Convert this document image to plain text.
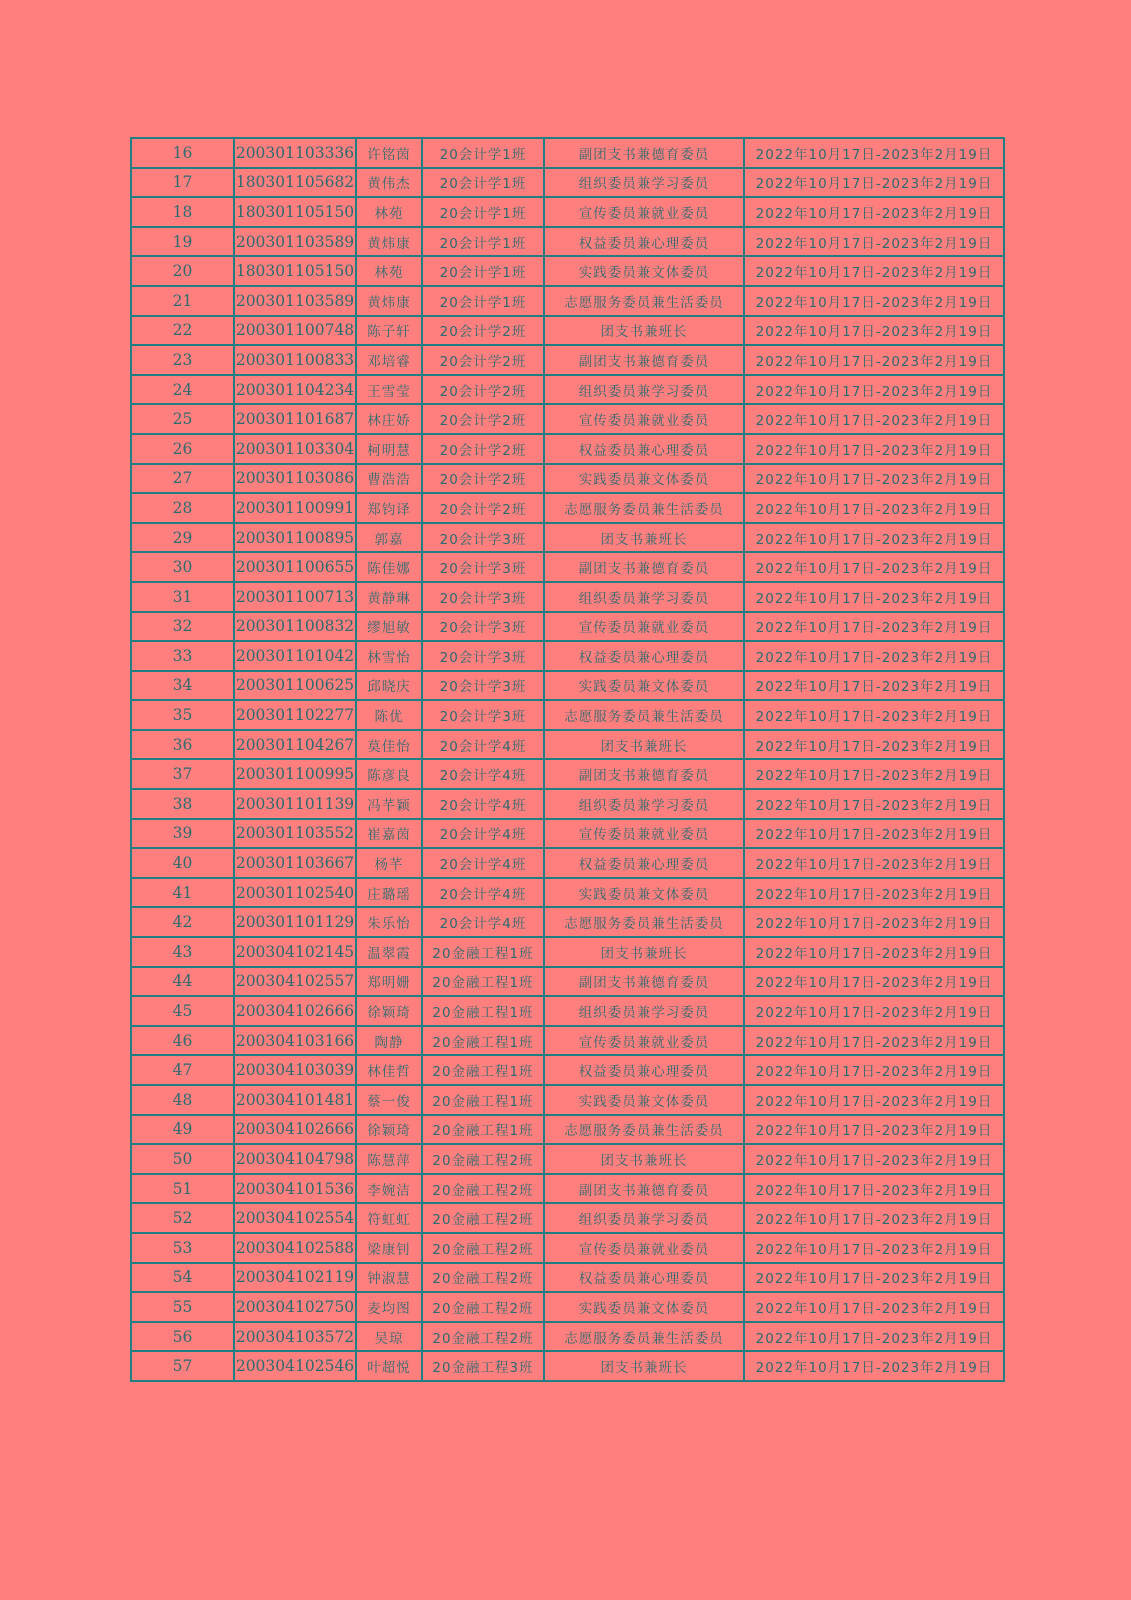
16	200301103336	许铭茵	20会计学1班	副团支书兼德育委员	2022年10月17日-2023年2月19日
17	180301105682	黄伟杰	20会计学1班	组织委员兼学习委员	2022年10月17日-2023年2月19日
18	180301105150	林苑	20会计学1班	宣传委员兼就业委员	2022年10月17日-2023年2月19日
19	200301103589	黄炜康	20会计学1班	权益委员兼心理委员	2022年10月17日-2023年2月19日
20	180301105150	林苑	20会计学1班	实践委员兼文体委员	2022年10月17日-2023年2月19日
21	200301103589	黄炜康	20会计学1班	志愿服务委员兼生活委员	2022年10月17日-2023年2月19日
22	200301100748	陈子轩	20会计学2班	团支书兼班长	2022年10月17日-2023年2月19日
23	200301100833	邓培睿	20会计学2班	副团支书兼德育委员	2022年10月17日-2023年2月19日
24	200301104234	王雪莹	20会计学2班	组织委员兼学习委员	2022年10月17日-2023年2月19日
25	200301101687	林庄娇	20会计学2班	宣传委员兼就业委员	2022年10月17日-2023年2月19日
26	200301103304	柯明慧	20会计学2班	权益委员兼心理委员	2022年10月17日-2023年2月19日
27	200301103086	曹浩浩	20会计学2班	实践委员兼文体委员	2022年10月17日-2023年2月19日
28	200301100991	郑钧译	20会计学2班	志愿服务委员兼生活委员	2022年10月17日-2023年2月19日
29	200301100895	郭嘉	20会计学3班	团支书兼班长	2022年10月17日-2023年2月19日
30	200301100655	陈佳娜	20会计学3班	副团支书兼德育委员	2022年10月17日-2023年2月19日
31	200301100713	黄静琳	20会计学3班	组织委员兼学习委员	2022年10月17日-2023年2月19日
32	200301100832	缪旭敏	20会计学3班	宣传委员兼就业委员	2022年10月17日-2023年2月19日
33	200301101042	林雪怡	20会计学3班	权益委员兼心理委员	2022年10月17日-2023年2月19日
34	200301100625	邱晓庆	20会计学3班	实践委员兼文体委员	2022年10月17日-2023年2月19日
35	200301102277	陈优	20会计学3班	志愿服务委员兼生活委员	2022年10月17日-2023年2月19日
36	200301104267	莫佳怡	20会计学4班	团支书兼班长	2022年10月17日-2023年2月19日
37	200301100995	陈彦良	20会计学4班	副团支书兼德育委员	2022年10月17日-2023年2月19日
38	200301101139	冯芊颖	20会计学4班	组织委员兼学习委员	2022年10月17日-2023年2月19日
39	200301103552	崔嘉茵	20会计学4班	宣传委员兼就业委员	2022年10月17日-2023年2月19日
40	200301103667	杨芊	20会计学4班	权益委员兼心理委员	2022年10月17日-2023年2月19日
41	200301102540	庄璐瑶	20会计学4班	实践委员兼文体委员	2022年10月17日-2023年2月19日
42	200301101129	朱乐怡	20会计学4班	志愿服务委员兼生活委员	2022年10月17日-2023年2月19日
43	200304102145	温翠霞	20金融工程1班	团支书兼班长	2022年10月17日-2023年2月19日
44	200304102557	郑明姗	20金融工程1班	副团支书兼德育委员	2022年10月17日-2023年2月19日
45	200304102666	徐颖琦	20金融工程1班	组织委员兼学习委员	2022年10月17日-2023年2月19日
46	200304103166	陶静	20金融工程1班	宣传委员兼就业委员	2022年10月17日-2023年2月19日
47	200304103039	林佳哲	20金融工程1班	权益委员兼心理委员	2022年10月17日-2023年2月19日
48	200304101481	蔡一俊	20金融工程1班	实践委员兼文体委员	2022年10月17日-2023年2月19日
49	200304102666	徐颖琦	20金融工程1班	志愿服务委员兼生活委员	2022年10月17日-2023年2月19日
50	200304104798	陈慧萍	20金融工程2班	团支书兼班长	2022年10月17日-2023年2月19日
51	200304101536	李婉洁	20金融工程2班	副团支书兼德育委员	2022年10月17日-2023年2月19日
52	200304102554	符虹虹	20金融工程2班	组织委员兼学习委员	2022年10月17日-2023年2月19日
53	200304102588	梁康钊	20金融工程2班	宣传委员兼就业委员	2022年10月17日-2023年2月19日
54	200304102119	钟淑慧	20金融工程2班	权益委员兼心理委员	2022年10月17日-2023年2月19日
55	200304102750	麦均图	20金融工程2班	实践委员兼文体委员	2022年10月17日-2023年2月19日
56	200304103572	吴琼	20金融工程2班	志愿服务委员兼生活委员	2022年10月17日-2023年2月19日
57	200304102546	叶超悦	20金融工程3班	团支书兼班长	2022年10月17日-2023年2月19日
